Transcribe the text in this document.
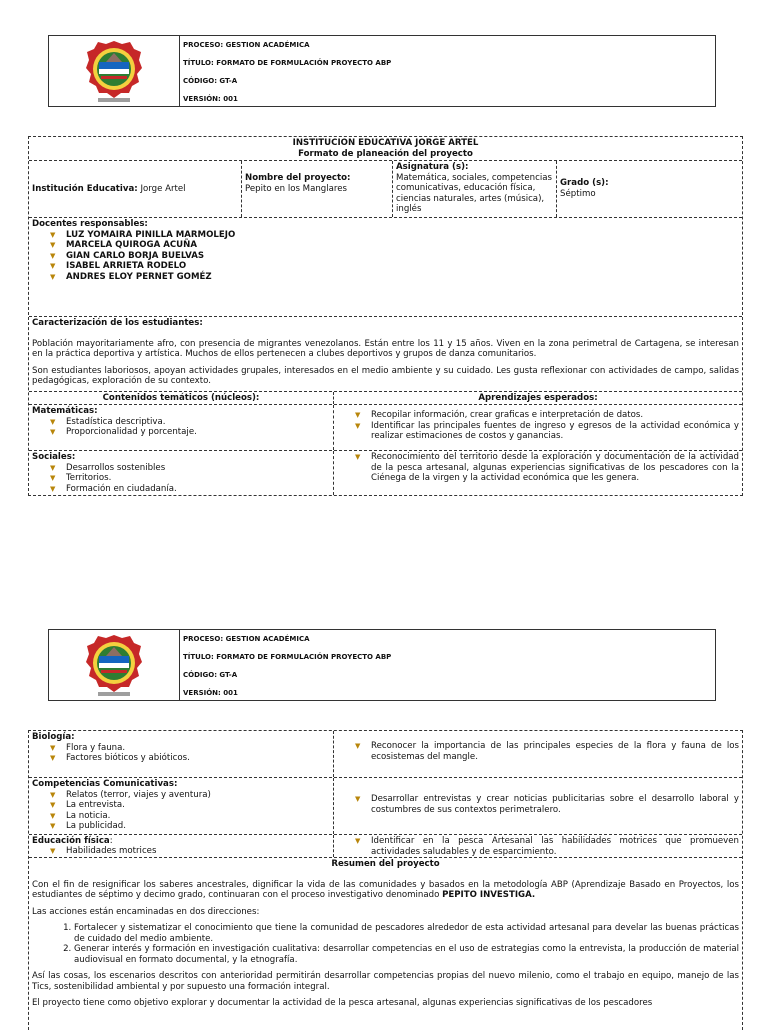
PROCESO: GESTION ACADÉMICA
TÍTULO: FORMATO DE FORMULACIÓN PROYECTO ABP
CÓDIGO: GT-A
VERSIÓN: 001
INSTITUCION EDUCATIVA JORGE ARTEL
Formato de planeación del proyecto
Institución Educativa: Jorge Artel
Nombre del proyecto:
Pepito en los Manglares
Asignatura (s):
Matemática, sociales, competencias comunicativas, educación física, ciencias naturales, artes (música), inglés
Grado (s):
Séptimo
Docentes responsables:
▼ LUZ YOMAIRA PINILLA MARMOLEJO
▼ MARCELA QUIROGA ACUÑA
▼ GIAN CARLO BORJA BUELVAS
▼ ISABEL ARRIETA RODELO
▼ ANDRES ELOY PERNET GOMÉZ
Caracterización de los estudiantes:

Población mayoritariamente afro, con presencia de migrantes venezolanos. Están entre los 11 y 15 años. Viven en la zona perimetral de Cartagena, se interesan en la práctica deportiva y artística. Muchos de ellos pertenecen a clubes deportivos y grupos de danza comunitarios.

Son estudiantes laboriosos, apoyan actividades grupales, interesados en el medio ambiente y su cuidado. Les gusta reflexionar con actividades de campo, salidas pedagógicas, exploración de su contexto.

Contenidos temáticos (núcleos):	Aprendizajes esperados:
Matemáticas:
▼ Estadística descriptiva.
▼ Proporcionalidad y porcentaje.
▼ Recopilar información, crear graficas e interpretación de datos.
▼ Identificar las principales fuentes de ingreso y egresos de la actividad económica y realizar estimaciones de costos y ganancias.
Sociales:
▼ Desarrollos sostenibles
▼ Territorios.
▼ Formación en ciudadanía.
▼ Reconocimiento del territorio desde la exploración y documentación de la actividad de la pesca artesanal, algunas experiencias significativas de los pescadores con la Ciénega de la virgen y la actividad económica que les genera.
PROCESO: GESTION ACADÉMICA
TÍTULO: FORMATO DE FORMULACIÓN PROYECTO ABP
CÓDIGO: GT-A
VERSIÓN: 001
Biología:
▼ Flora y fauna.
▼ Factores bióticos y abióticos.
▼ Reconocer la importancia de las principales especies de la flora y fauna de los ecosistemas del mangle.
Competencias Comunicativas:
▼ Relatos (terror, viajes y aventura)
▼ La entrevista.
▼ La noticia.
▼ La publicidad.
▼ Desarrollar entrevistas y crear noticias publicitarias sobre el desarrollo laboral y costumbres de sus contextos perimetralero.
Educación física:
▼ Habilidades motrices
▼ Identificar en la pesca Artesanal las habilidades motrices que promueven actividades saludables y de esparcimiento.
Resumen del proyecto

Con el fin de resignificar los saberes ancestrales, dignificar la vida de las comunidades y basados en la metodología ABP (Aprendizaje Basado en Proyectos, los estudiantes de séptimo y decimo grado, continuaran con el proceso investigativo denominado PEPITO INVESTIGA.

Las acciones están encaminadas en dos direcciones:

1. Fortalecer y sistematizar el conocimiento que tiene la comunidad de pescadores alrededor de esta actividad artesanal para develar las buenas prácticas de cuidado del medio ambiente.
2. Generar interés y formación en investigación cualitativa: desarrollar competencias en el uso de estrategias como la entrevista, la producción de material audiovisual en formato documental, y la etnografía.

Así las cosas, los escenarios descritos con anterioridad permitirán desarrollar competencias propias del nuevo milenio, como el trabajo en equipo, manejo de las Tics, sostenibilidad ambiental y por supuesto una formación integral.

El proyecto tiene como objetivo explorar y documentar la actividad de la pesca artesanal, algunas experiencias significativas de los pescadores
